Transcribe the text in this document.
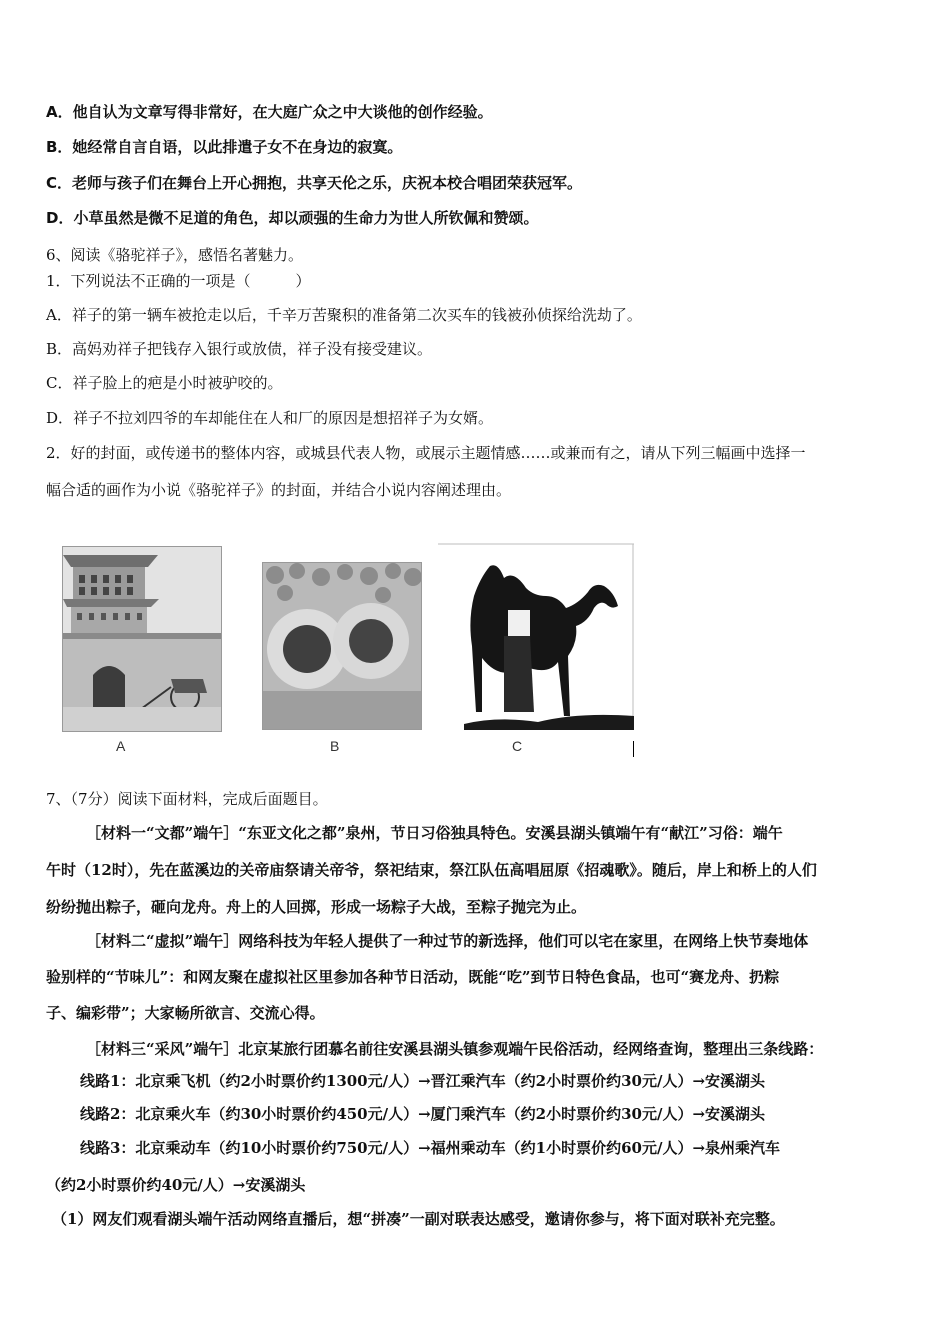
A．他自认为文章写得非常好，在大庭广众之中大谈他的创作经验。
B．她经常自言自语，以此排遣子女不在身边的寂寞。
C．老师与孩子们在舞台上开心拥抱，共享天伦之乐，庆祝本校合唱团荣获冠军。
D．小草虽然是微不足道的角色，却以顽强的生命力为世人所钦佩和赞颂。
6、阅读《骆驼祥子》，感悟名著魅力。
1．下列说法不正确的一项是（　　　）
A．祥子的第一辆车被抢走以后，千辛万苦聚积的准备第二次买车的钱被孙侦探给洗劫了。
B．高妈劝祥子把钱存入银行或放债，祥子没有接受建议。
C．祥子脸上的疤是小时被驴咬的。
D．祥子不拉刘四爷的车却能住在人和厂的原因是想招祥子为女婿。
2．好的封面，或传递书的整体内容，或城县代表人物，或展示主题情感……或兼而有之，请从下列三幅画中选择一
幅合适的画作为小说《骆驼祥子》的封面，并结合小说内容阐述理由。
A	B	C
7、（7分）阅读下面材料，完成后面题目。
［材料一“文都”端午］“东亚文化之都”泉州，节日习俗独具特色。安溪县湖头镇端午有“献江”习俗：端午
午时（12时），先在蓝溪边的关帝庙祭请关帝爷，祭祀结束，祭江队伍高唱屈原《招魂歌》。随后，岸上和桥上的人们
纷纷抛出粽子，砸向龙舟。舟上的人回掷，形成一场粽子大战，至粽子抛完为止。
［材料二“虚拟”端午］网络科技为年轻人提供了一种过节的新选择，他们可以宅在家里，在网络上快节奏地体
验别样的“节味儿”：和网友聚在虚拟社区里参加各种节日活动，既能“吃”到节日特色食品，也可“赛龙舟、扔粽
子、编彩带”；大家畅所欲言、交流心得。
［材料三“采风”端午］北京某旅行团慕名前往安溪县湖头镇参观端午民俗活动，经网络查询，整理出三条线路：
线路1：北京乘飞机（约2小时票价约1300元/人）→晋江乘汽车（约2小时票价约30元/人）→安溪湖头
线路2：北京乘火车（约30小时票价约450元/人）→厦门乘汽车（约2小时票价约30元/人）→安溪湖头
线路3：北京乘动车（约10小时票价约750元/人）→福州乘动车（约1小时票价约60元/人）→泉州乘汽车
（约2小时票价约40元/人）→安溪湖头
（1）网友们观看湖头端午活动网络直播后，想“拼凑”一副对联表达感受，邀请你参与，将下面对联补充完整。
